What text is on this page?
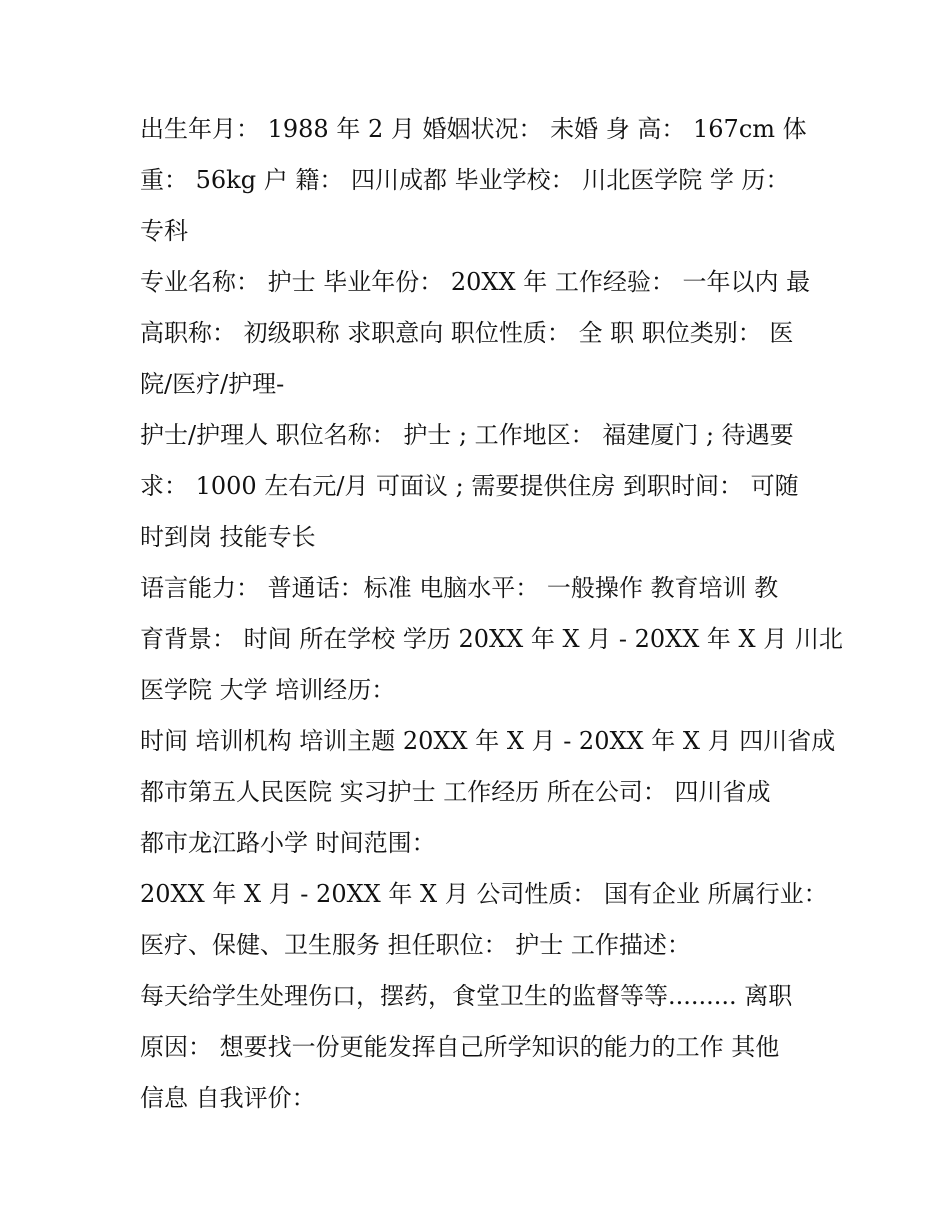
出生年月： 1988 年 2 月 婚姻状况： 未婚 身 高： 167cm 体
重： 56kg 户 籍： 四川成都 毕业学校： 川北医学院 学 历：
专科
专业名称： 护士 毕业年份： 20XX 年 工作经验： 一年以内 最
高职称： 初级职称 求职意向 职位性质： 全 职 职位类别： 医
院/医疗/护理-
护士/护理人 职位名称： 护士 ; 工作地区： 福建厦门 ; 待遇要
求： 1000 左右元/月 可面议 ; 需要提供住房 到职时间： 可随
时到岗 技能专长
语言能力： 普通话：标准 电脑水平： 一般操作 教育培训 教
育背景： 时间 所在学校 学历 20XX 年 X 月 - 20XX 年 X 月 川北
医学院 大学 培训经历：
时间 培训机构 培训主题 20XX 年 X 月 - 20XX 年 X 月 四川省成
都市第五人民医院 实习护士 工作经历 所在公司： 四川省成
都市龙江路小学 时间范围：
20XX 年 X 月 - 20XX 年 X 月 公司性质： 国有企业 所属行业：
医疗、保健、卫生服务 担任职位： 护士 工作描述：
每天给学生处理伤口，摆药，食堂卫生的监督等等......... 离职
原因： 想要找一份更能发挥自己所学知识的能力的工作 其他
信息 自我评价：
